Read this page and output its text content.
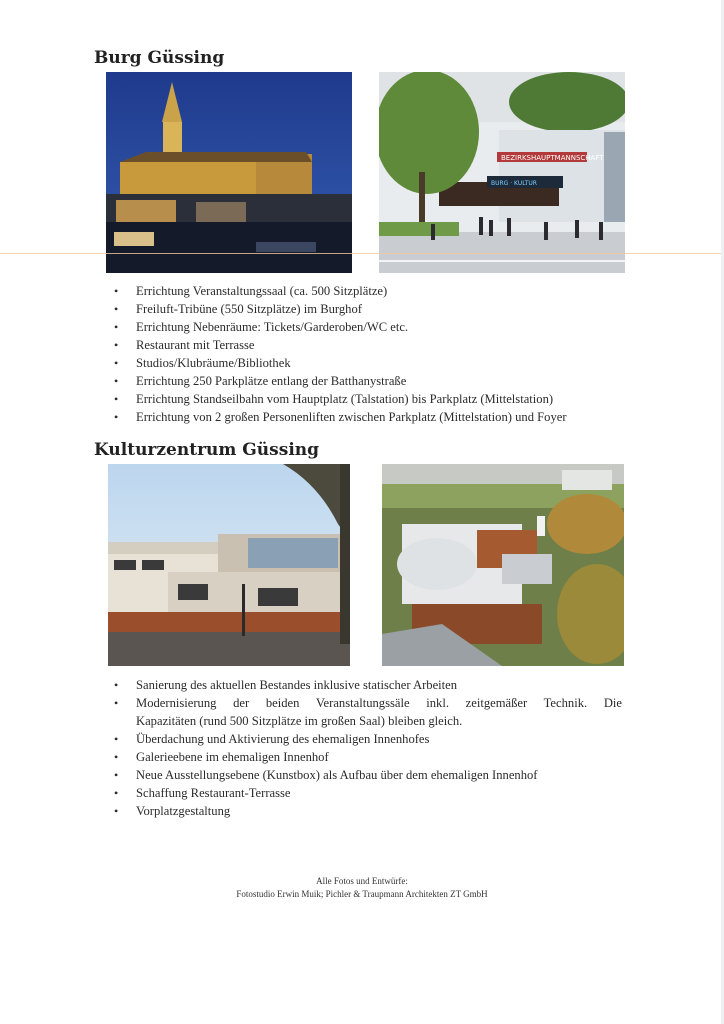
Burg Güssing
BEZIRKSHAUPTMANNSCHAFT
BURG · KULTUR
• Errichtung Veranstaltungssaal (ca. 500 Sitzplätze)
• Freiluft-Tribüne (550 Sitzplätze) im Burghof
• Errichtung Nebenräume: Tickets/Garderoben/WC etc.
• Restaurant mit Terrasse
• Studios/Klubräume/Bibliothek
• Errichtung 250 Parkplätze entlang der Batthanystraße
• Errichtung Standseilbahn vom Hauptplatz (Talstation) bis Parkplatz (Mittelstation)
• Errichtung von 2 großen Personenliften zwischen Parkplatz (Mittelstation) und Foyer
Kulturzentrum Güssing
• Sanierung des aktuellen Bestandes inklusive statischer Arbeiten
• Modernisierung der beiden Veranstaltungssäle inkl. zeitgemäßer Technik. Die
Kapazitäten (rund 500 Sitzplätze im großen Saal) bleiben gleich.
• Überdachung und Aktivierung des ehemaligen Innenhofes
• Galerieebene im ehemaligen Innenhof
• Neue Ausstellungsebene (Kunstbox) als Aufbau über dem ehemaligen Innenhof
• Schaffung Restaurant-Terrasse
• Vorplatzgestaltung

Alle Fotos und Entwürfe:

Fotostudio Erwin Muik; Pichler & Traupmann Architekten ZT GmbH
